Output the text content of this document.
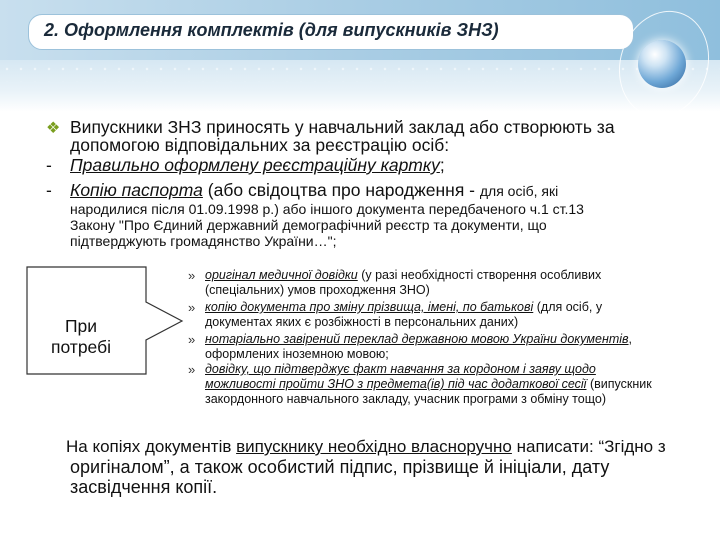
2. Оформлення комплектів (для випускників ЗНЗ)
❖ Випускники ЗНЗ приносять у навчальний заклад або створюють за

допомогою відповідальних за реєстрацію осіб:

- Правильно оформлену реєстраційну картку;

- Копію паспорта (або свідоцтва про народження - для осіб, які

народилися після 01.09.1998 р.) або іншого документа передбаченого ч.1 ст.13

Закону "Про Єдиний державний демографічний реєстр та документи, що

підтверджують громадянство України…";

При
потребі
» оригінал медичної довідки (у разі необхідності створення особливих

(спеціальних) умов проходження ЗНО)

» копію документа про зміну прізвища, імені, по батькові (для осіб, у

документах яких є розбіжності в персональних даних)

» нотаріально завірений переклад державною мовою України документів,

оформлених іноземною мовою;

» довідку, що підтверджує факт навчання за кордоном і заяву щодо

можливості пройти ЗНО з предмета(ів) під час додаткової сесії (випускник

закордонного навчального закладу, учасник програми з обміну тощо)

На копіях документів випускнику необхідно власноручно написати: “Згідно з

оригіналом”, а також особистий підпис, прізвище й ініціали, дату

засвідчення копії.
